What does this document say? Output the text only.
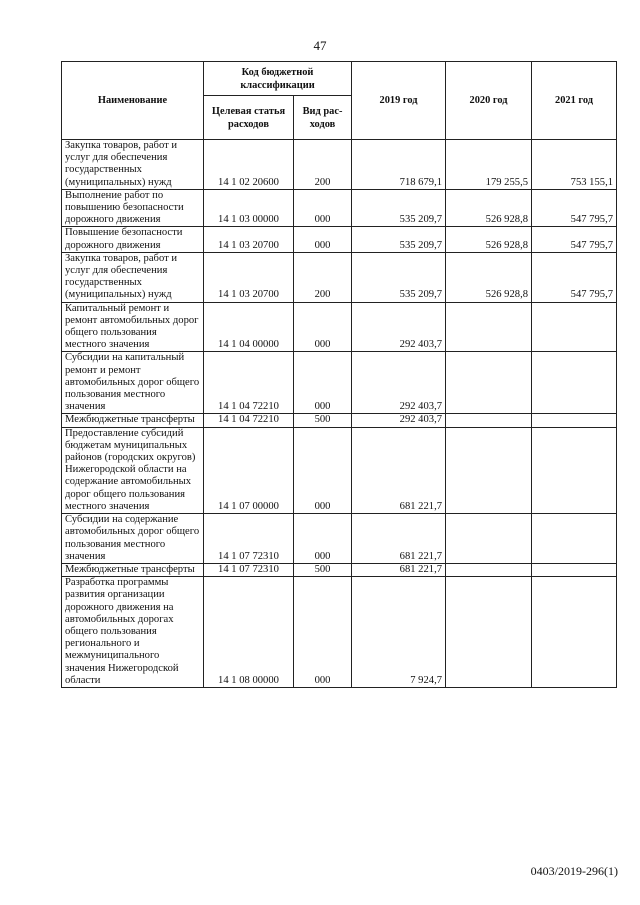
47
Наименование	Код бюджетной классификации		2019 год	2020 год	2021 год
	Целевая статья расходов	Вид рас-ходов			
Закупка товаров, работ и услуг для обеспечения государственных (муниципальных) нужд	14 1 02 20600	200	718 679,1	179 255,5	753 155,1
Выполнение работ по повышению безопасности дорожного движения	14 1 03 00000	000	535 209,7	526 928,8	547 795,7
Повышение безопасности дорожного движения	14 1 03 20700	000	535 209,7	526 928,8	547 795,7
Закупка товаров, работ и услуг для обеспечения государственных (муниципальных) нужд	14 1 03 20700	200	535 209,7	526 928,8	547 795,7
Капитальный ремонт и ремонт автомобильных дорог общего пользования местного значения	14 1 04 00000	000	292 403,7		
Субсидии на капитальный ремонт и ремонт автомобильных дорог общего пользования местного значения	14 1 04 72210	000	292 403,7		
Межбюджетные трансферты	14 1 04 72210	500	292 403,7		
Предоставление субсидий бюджетам муниципальных районов (городских округов) Нижегородской области на содержание автомобильных дорог общего пользования местного значения	14 1 07 00000	000	681 221,7		
Субсидии на содержание автомобильных дорог общего пользования местного значения	14 1 07 72310	000	681 221,7		
Межбюджетные трансферты	14 1 07 72310	500	681 221,7		
Разработка программы развития организации дорожного движения на автомобильных дорогах общего пользования регионального и межмуниципального значения Нижегородской области	14 1 08 00000	000	7 924,7		
0403/2019-296(1)
